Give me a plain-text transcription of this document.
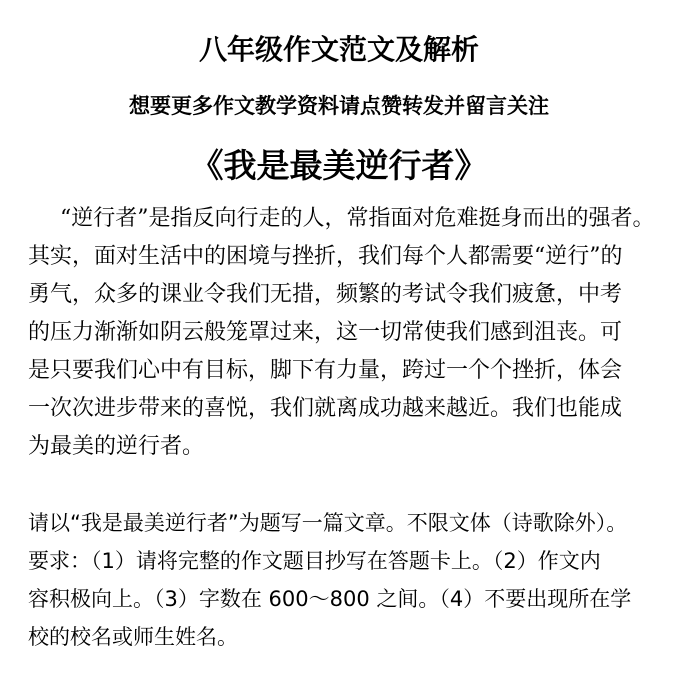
八年级作文范文及解析
想要更多作文教学资料请点赞转发并留言关注
《我是最美逆行者》
“逆行者”是指反向行走的人，常指面对危难挺身而出的强者。
其实，面对生活中的困境与挫折，我们每个人都需要“逆行”的
勇气，众多的课业令我们无措，频繁的考试令我们疲惫，中考
的压力渐渐如阴云般笼罩过来，这一切常使我们感到沮丧。可
是只要我们心中有目标，脚下有力量，跨过一个个挫折，体会
一次次进步带来的喜悦，我们就离成功越来越近。我们也能成
为最美的逆行者。
请以“我是最美逆行者”为题写一篇文章。不限文体（诗歌除外）。
要求：（1）请将完整的作文题目抄写在答题卡上。（2）作文内
容积极向上。（3）字数在 600～800 之间。（4）不要出现所在学
校的校名或师生姓名。
